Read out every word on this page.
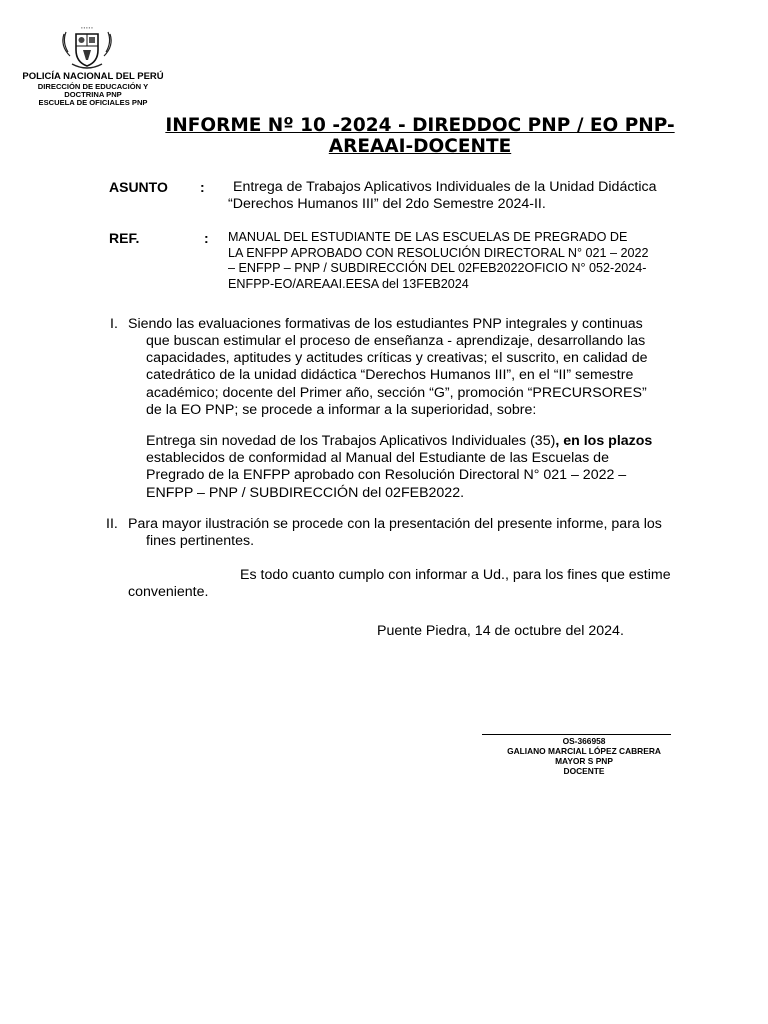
▪ ▪ ▪ ▪ ▪
POLICÍA NACIONAL DEL PERÚ
DIRECCIÓN DE EDUCACIÓN Y
DOCTRINA PNP
ESCUELA DE OFICIALES PNP
INFORME Nº 10 -2024 - DIREDDOC PNP / EO PNP-
AREAAI-DOCENTE
ASUNTO :	Entrega de Trabajos Aplicativos Individuales de la Unidad Didáctica
“Derechos Humanos III” del 2do Semestre 2024-II.
REF.	: MANUAL DEL ESTUDIANTE DE LAS ESCUELAS DE PREGRADO DE
LA ENFPP APROBADO CON RESOLUCIÓN DIRECTORAL N° 021 – 2022
– ENFPP – PNP / SUBDIRECCIÓN DEL 02FEB2022OFICIO N° 052-2024-
ENFPP-EO/AREAAI.EESA del 13FEB2024
I. Siendo las evaluaciones formativas de los estudiantes PNP integrales y continuas
que buscan estimular el proceso de enseñanza - aprendizaje, desarrollando las
capacidades, aptitudes y actitudes críticas y creativas; el suscrito, en calidad de
catedrático de la unidad didáctica “Derechos Humanos III”, en el “II” semestre
académico; docente del Primer año, sección “G”, promoción “PRECURSORES”
de la EO PNP; se procede a informar a la superioridad, sobre:
Entrega sin novedad de los Trabajos Aplicativos Individuales (35), en los plazos
establecidos de conformidad al Manual del Estudiante de las Escuelas de
Pregrado de la ENFPP aprobado con Resolución Directoral N° 021 – 2022 –
ENFPP – PNP / SUBDIRECCIÓN del 02FEB2022.
II. Para mayor ilustración se procede con la presentación del presente informe, para los
fines pertinentes.
Es todo cuanto cumplo con informar a Ud., para los fines que estime
conveniente.
Puente Piedra, 14 de octubre del 2024.
OS-366958
GALIANO MARCIAL LÓPEZ CABRERA
MAYOR S PNP
DOCENTE
